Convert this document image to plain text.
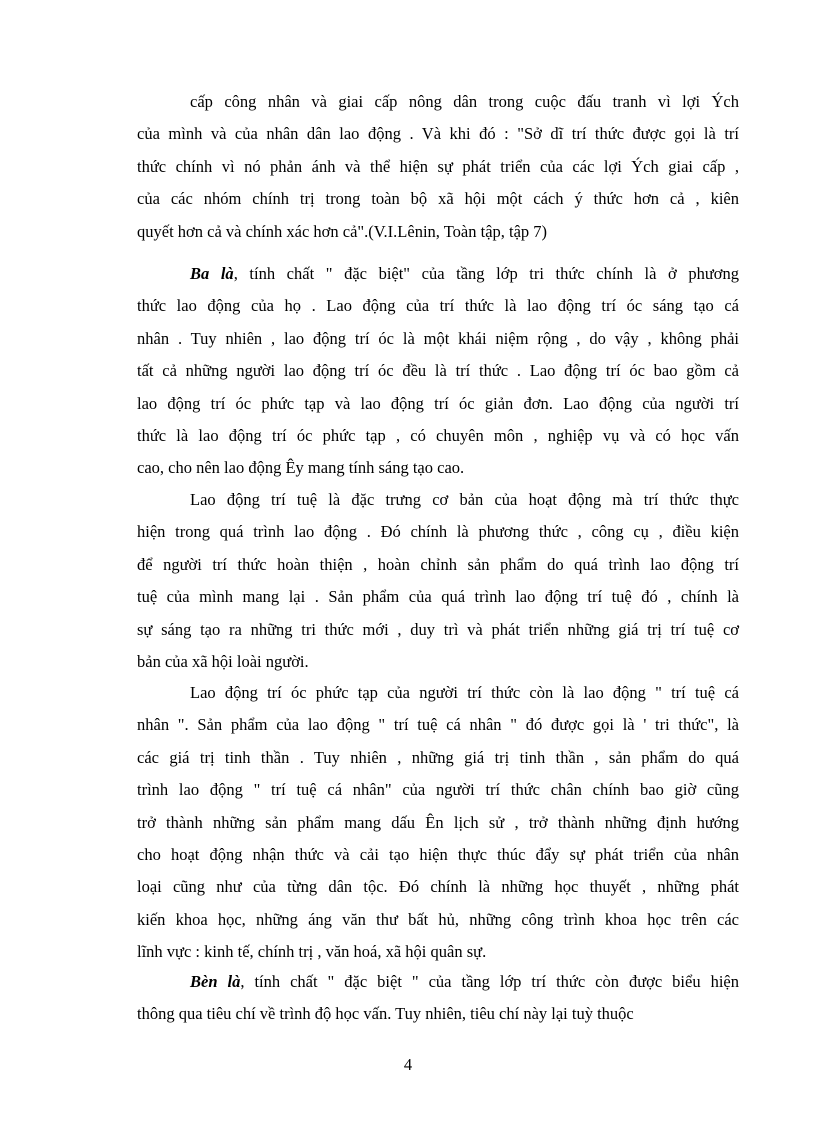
cấp công nhân và giai cấp nông dân trong cuộc đấu tranh vì lợi Ých
của mình và của nhân dân lao động . Và khi đó : "Sở dĩ trí thức được gọi là trí
thức chính vì nó phản ánh và thể hiện sự phát triển của các lợi Ých giai cấp ,
của các nhóm chính trị trong toàn bộ xã hội một cách ý thức hơn cả , kiên
quyết hơn cả và chính xác hơn cả".(V.I.Lênin, Toàn tập, tập 7)
Ba là, tính chất " đặc biệt" của tầng lớp tri thức chính là ở phương
thức lao động của họ . Lao động của trí thức là lao động trí óc sáng tạo cá
nhân . Tuy nhiên , lao động trí óc là một khái niệm rộng , do vậy , không phải
tất cả những người lao động trí óc đều là trí thức . Lao động trí óc bao gồm cả
lao động trí óc phức tạp và lao động trí óc giản đơn. Lao động của người trí
thức là lao động trí óc phức tạp , có chuyên môn , nghiệp vụ và có học vấn
cao, cho nên lao động Êy mang tính sáng tạo cao.
Lao động trí tuệ là đặc trưng cơ bản của hoạt động mà trí thức thực
hiện trong quá trình lao động . Đó chính là phương thức , công cụ , điều kiện
để người trí thức hoàn thiện , hoàn chỉnh sản phẩm do quá trình lao động trí
tuệ của mình mang lại . Sản phẩm của quá trình lao động trí tuệ đó , chính là
sự sáng tạo ra những tri thức mới , duy trì và phát triển những giá trị trí tuệ cơ
bản của xã hội loài người.
Lao động trí óc phức tạp của người trí thức còn là lao động " trí tuệ cá
nhân ". Sản phẩm của lao động " trí tuệ cá nhân " đó được gọi là ' tri thức", là
các giá trị tinh thần . Tuy nhiên , những giá trị tinh thần , sản phẩm do quá
trình lao động " trí tuệ cá nhân" của người trí thức chân chính bao giờ cũng
trở thành những sản phẩm mang dấu Ên lịch sử , trở thành những định hướng
cho hoạt động nhận thức và cải tạo hiện thực thúc đẩy sự phát triển của nhân
loại cũng như của từng dân tộc. Đó chính là những học thuyết , những phát
kiến khoa học, những áng văn thư bất hủ, những công trình khoa học trên các
lĩnh vực : kinh tế, chính trị , văn hoá, xã hội quân sự.
Bèn là, tính chất " đặc biệt " của tầng lớp trí thức còn được biểu hiện
thông qua tiêu chí về trình độ học vấn. Tuy nhiên, tiêu chí này lại tuỳ thuộc
4
